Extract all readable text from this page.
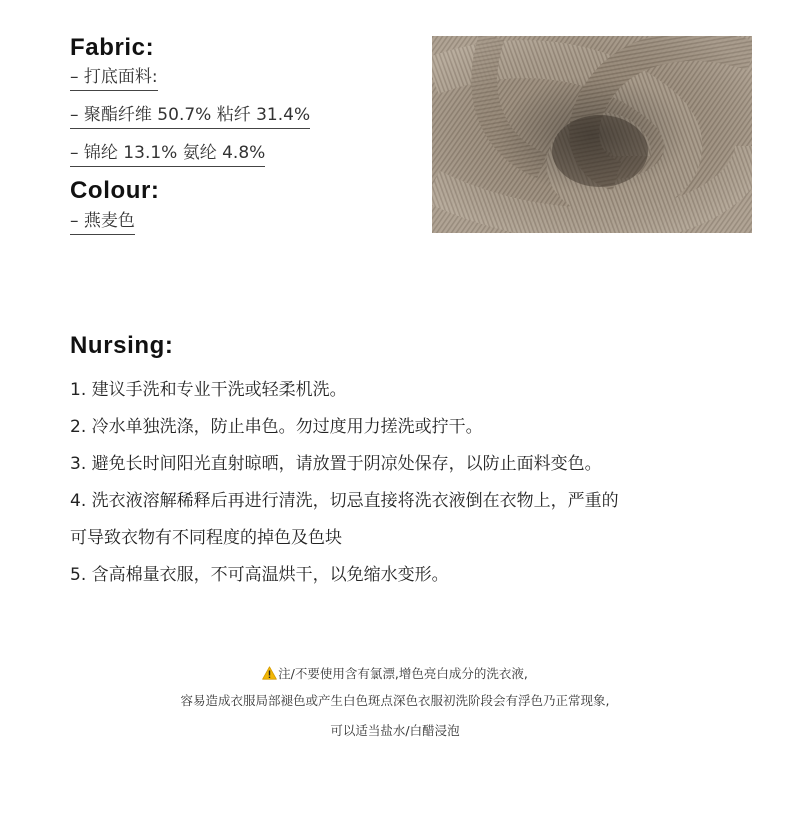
Fabric:
– 打底面料:
– 聚酯纤维 50.7% 粘纤 31.4%
– 锦纶 13.1% 氨纶 4.8%
Colour:
– 燕麦色
Nursing:
1. 建议手洗和专业干洗或轻柔机洗。
2. 冷水单独洗涤，防止串色。勿过度用力搓洗或拧干。
3. 避免长时间阳光直射晾晒，请放置于阴凉处保存，以防止面料变色。
4. 洗衣液溶解稀释后再进行清洗，切忌直接将洗衣液倒在衣物上，严重的
可导致衣物有不同程度的掉色及色块
5. 含高棉量衣服，不可高温烘干，以免缩水变形。
注/不要使用含有氯漂,增色亮白成分的洗衣液,
容易造成衣服局部褪色或产生白色斑点深色衣服初洗阶段会有浮色乃正常现象,
可以适当盐水/白醋浸泡
